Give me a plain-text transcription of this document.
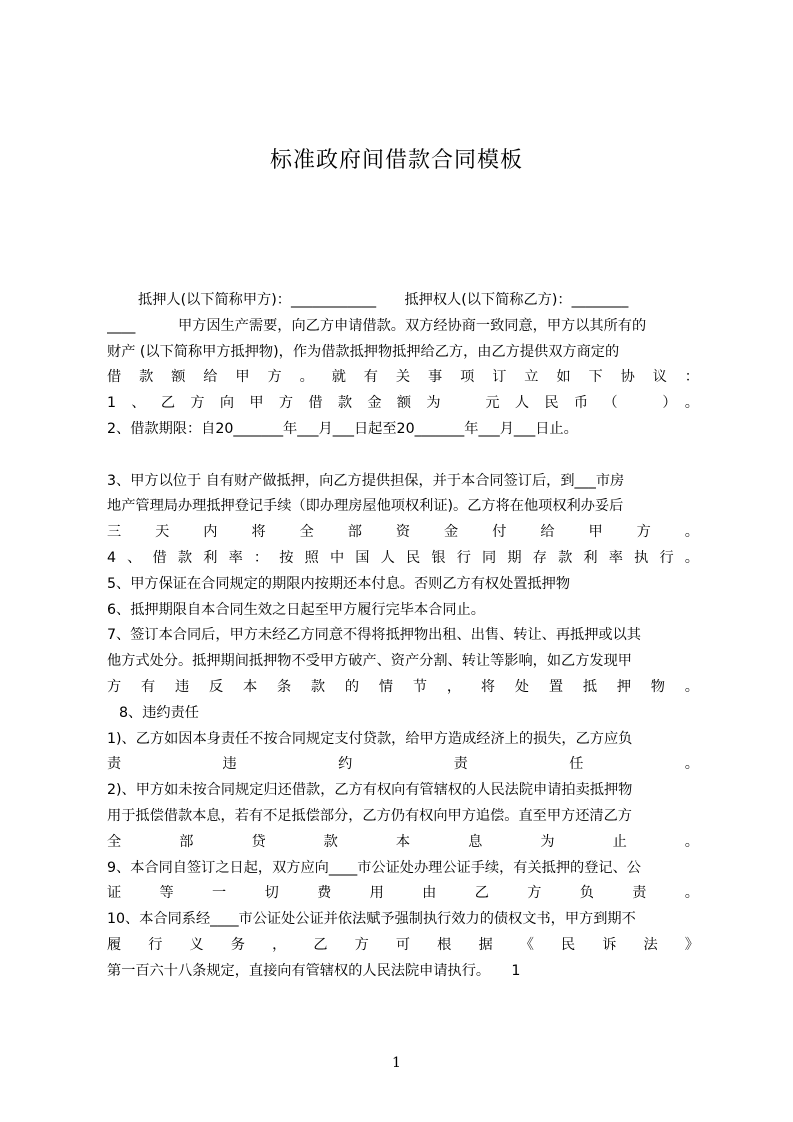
标准政府间借款合同模板
抵押人(以下简称甲方)：____________　　抵押权人(以下简称乙方)：________
____　　　甲方因生产需要，向乙方申请借款。双方经协商一致同意，甲方以其所有的
财产 (以下简称甲方抵押物)，作为借款抵押物抵押给乙方，由乙方提供双方商定的
借款额给甲方。就有关事项订立如下协议：
1、乙方向甲方借款金额为　元人民币（　）。
2、借款期限：自20_______年___月___日起至20_______年___月___日止。
3、甲方以位于 自有财产做抵押，向乙方提供担保，并于本合同签订后，到___市房
地产管理局办理抵押登记手续（即办理房屋他项权利证)。乙方将在他项权利办妥后
三天内将全部资金付给甲方。
4、借款利率：按照中国人民银行同期存款利率执行。
5、甲方保证在合同规定的期限内按期还本付息。否则乙方有权处置抵押物
6、抵押期限自本合同生效之日起至甲方履行完毕本合同止。
7、签订本合同后，甲方未经乙方同意不得将抵押物出租、出售、转让、再抵押或以其
他方式处分。抵押期间抵押物不受甲方破产、资产分割、转让等影响，如乙方发现甲
方有违反本条款的情节，将处置抵押物。
8、违约责任
1)、乙方如因本身责任不按合同规定支付贷款，给甲方造成经济上的损失，乙方应负
责违约责任。
2)、甲方如未按合同规定归还借款，乙方有权向有管辖权的人民法院申请拍卖抵押物
用于抵偿借款本息，若有不足抵偿部分，乙方仍有权向甲方追偿。直至甲方还清乙方
全部贷款本息为止。
9、本合同自签订之日起，双方应向____市公证处办理公证手续，有关抵押的登记、公
证等一切费用由乙方负责。
10、本合同系经____市公证处公证并依法赋予强制执行效力的债权文书，甲方到期不
履行义务，乙方可根据《民诉法》
第一百六十八条规定，直接向有管辖权的人民法院申请执行。　　1
1
